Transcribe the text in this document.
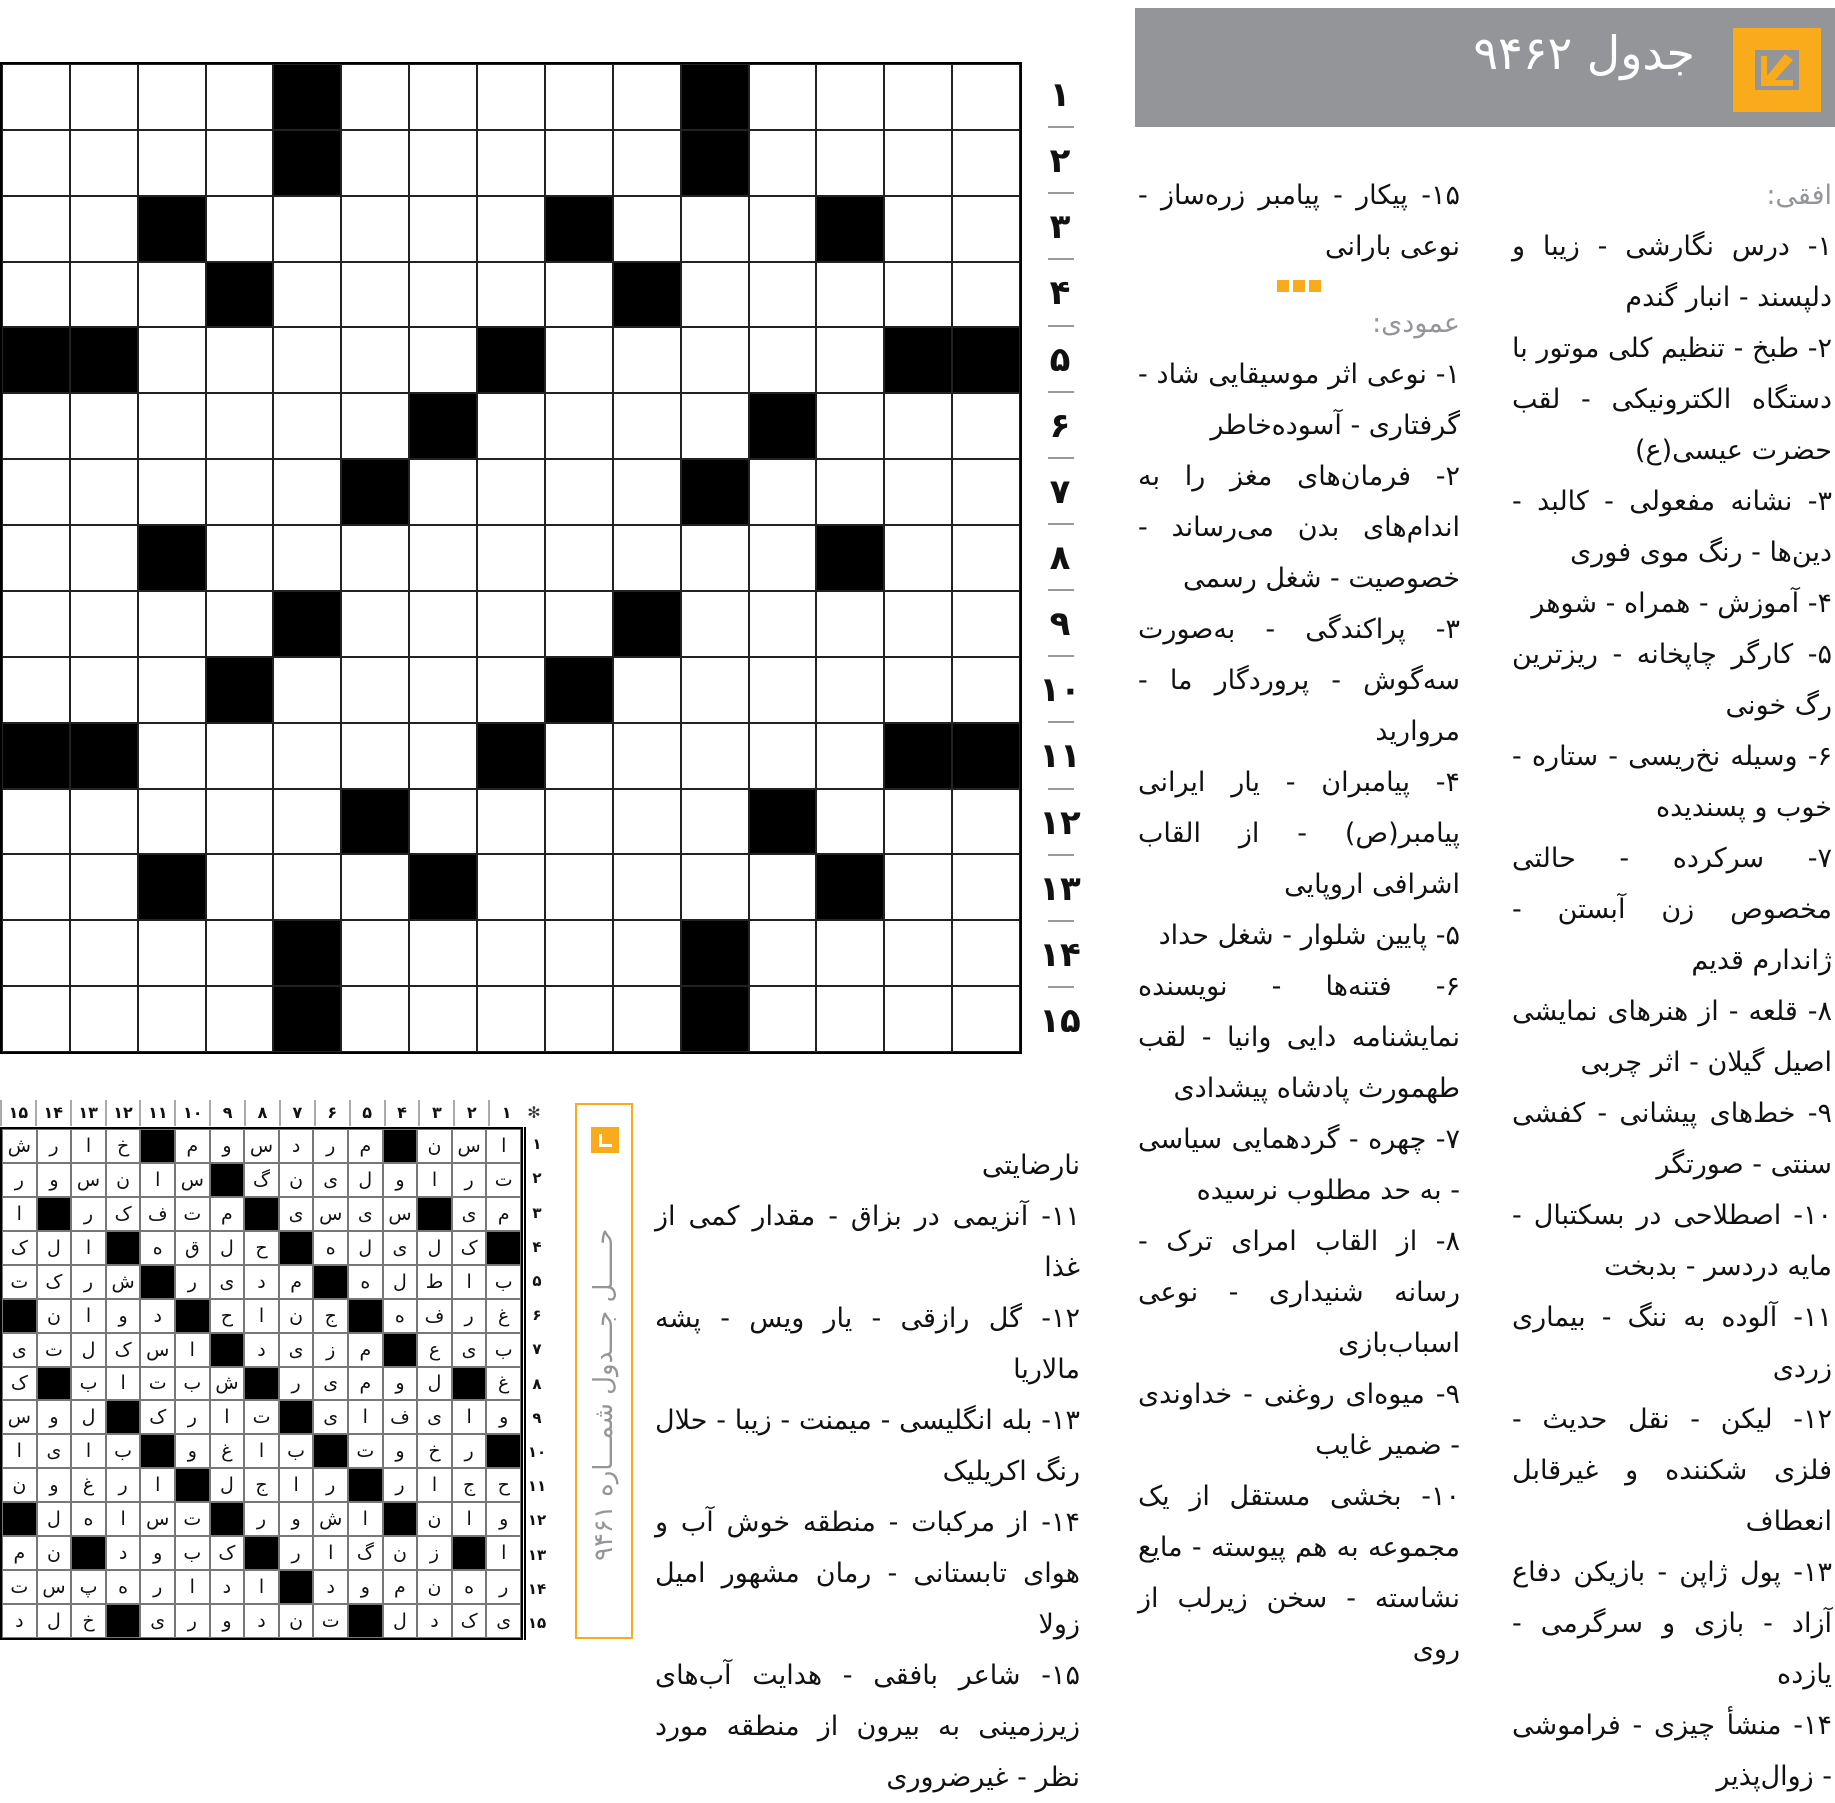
جدول ۹۴۶۲

افقی:

۱- درس نگارشی - زیبا و دلپسند - انبار گندم

۲- طبخ - تنظیم کلی موتور با دستگاه الکترونیکی - لقب حضرت عیسی(ع)

۳- نشانه مفعولی - کالبد - دین‌ها - رنگ موی فوری

۴- آموزش - همراه - شوهر

۵- کارگر چاپخانه - ریزترین رگ خونی

۶- وسیله نخ‌ریسی - ستاره - خوب و پسندیده

۷- سرکرده - حالتی مخصوص زن آبستن - ژاندارم قدیم

۸- قلعه - از هنرهای نمایشی اصیل گیلان - اثر چربی

۹- خط‌های پیشانی - کفشی سنتی - صورتگر

۱۰- اصطلاحی در بسکتبال - مایه دردسر - بدبخت

۱۱- آلوده به ننگ - بیماری زردی

۱۲- لیکن - نقل حدیث - فلزی شکننده و غیرقابل انعطاف

۱۳- پول ژاپن - بازیکن دفاع آزاد - بازی و سرگرمی - یازده

۱۴- منشأ چیزی - فراموشی - زوال‌پذیر

۱۵- پیکار - پیامبر زره‌ساز - نوعی بارانی

عمودی:

۱- نوعی اثر موسیقایی شاد - گرفتاری - آسوده‌خاطر

۲- فرمان‌های مغز را به اندام‌های بدن می‌رساند - خصوصیت - شغل رسمی

۳- پراکندگی - به‌صورت سه‌گوش - پروردگار ما - مروارید

۴- پیامبران - یار ایرانی پیامبر(ص) - از القاب اشرافی اروپایی

۵- پایین شلوار - شغل حداد

۶- فتنه‌ها - نویسنده نمایشنامه دایی وانیا - لقب طهمورث پادشاه پیشدادی

۷- چهره - گردهمایی سیاسی - به حد مطلوب نرسیده

۸- از القاب امرای ترک - رسانه شنیداری - نوعی اسباب‌بازی

۹- میوه‌ای روغنی - خداوندی - ضمیر غایب

۱۰- بخشی مستقل از یک مجموعه به هم پیوسته - مایع نشاسته - سخن زیرلب از روی

نارضایتی

۱۱- آنزیمی در بزاق - مقدار کمی از غذا

۱۲- گل رازقی - یار ویس - پشه مالاریا

۱۳- بله انگلیسی - میمنت - زیبا - حلال رنگ اکریلیک

۱۴- از مرکبات - منطقه خوش آب و هوای تابستانی - رمان مشهور امیل زولا

۱۵- شاعر بافقی - هدایت آب‌های زیرزمینی به بیرون از منطقه مورد نظر - غیرضروری

۱
۲
۳
۴
۵
۶
۷
۸
۹
۱۰
۱۱
۱۲
۱۳
۱۴
۱۵
حـــــل جـــدول شمـــاره ۹۴۶۱
✻
۱
۲
۳
۴
۵
۶
۷
۸
۹
۱۰
۱۱
۱۲
۱۳
۱۴
۱۵
ا
س
ن
م
ر
د
س
و
م
خ
ا
ر
ش
ت
ر
ا
و
ل
ی
ن
گ
س
ا
ن
س
و
ر
م
ی
س
ی
س
ی
م
ت
ف
ک
ر
ا
ک
ل
ی
ل
ه
ح
ل
ق
ه
ا
ل
ک
ب
ا
ط
ل
ه
م
د
ی
ر
ش
ر
ک
ت
غ
ر
ف
ه
ج
ن
ا
ح
د
و
ا
ن
ب
ی
ع
م
ز
ی
د
ا
س
ک
ل
ت
ی
غ
ل
و
م
ی
ر
ش
ب
ت
ا
ب
ک
و
ا
ی
ف
ا
ی
ت
ا
ر
ک
ل
و
س
ر
خ
و
ت
ب
ا
غ
و
ب
ا
ی
ا
ح
ج
ا
ر
ر
ا
ج
ل
ا
ر
غ
و
ن
و
ا
ن
ا
ش
و
ر
ت
س
ا
ه
ل
ا
ز
ن
گ
ا
ر
ک
ب
و
د
ن
م
ر
ه
ن
م
و
د
ا
د
ا
ر
ه
پ
س
ت
ی
ک
د
ل
ت
ن
د
و
ر
ی
خ
ل
د
۱
۲
۳
۴
۵
۶
۷
۸
۹
۱۰
۱۱
۱۲
۱۳
۱۴
۱۵
